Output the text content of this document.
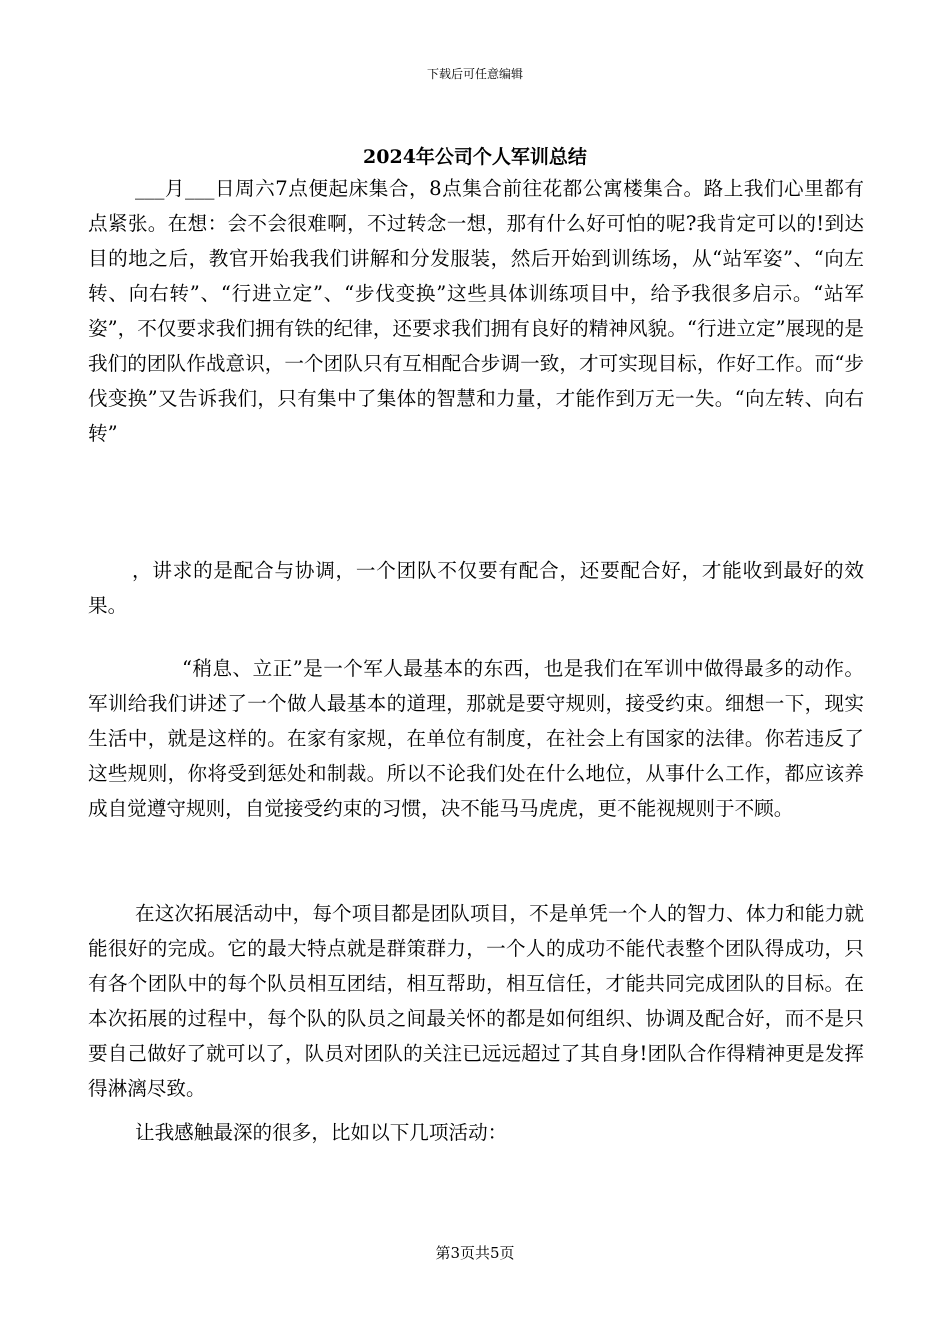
下载后可任意编辑
2024年公司个人军训总结

___月___日周六7点便起床集合，8点集合前往花都公寓楼集合。路上我们心里都有点紧张。在想：会不会很难啊，不过转念一想，那有什么好可怕的呢?我肯定可以的!到达目的地之后，教官开始我我们讲解和分发服装，然后开始到训练场，从“站军姿”、“向左转、向右转”、“行进立定”、“步伐变换”这些具体训练项目中，给予我很多启示。“站军姿”，不仅要求我们拥有铁的纪律，还要求我们拥有良好的精神风貌。“行进立定”展现的是我们的团队作战意识，一个团队只有互相配合步调一致，才可实现目标，作好工作。而“步伐变换”又告诉我们，只有集中了集体的智慧和力量，才能作到万无一失。“向左转、向右转”

，讲求的是配合与协调，一个团队不仅要有配合，还要配合好，才能收到最好的效果。

“稍息、立正”是一个军人最基本的东西，也是我们在军训中做得最多的动作。军训给我们讲述了一个做人最基本的道理，那就是要守规则，接受约束。细想一下，现实生活中，就是这样的。在家有家规，在单位有制度，在社会上有国家的法律。你若违反了这些规则，你将受到惩处和制裁。所以不论我们处在什么地位，从事什么工作，都应该养成自觉遵守规则，自觉接受约束的习惯，决不能马马虎虎，更不能视规则于不顾。

在这次拓展活动中，每个项目都是团队项目，不是单凭一个人的智力、体力和能力就能很好的完成。它的最大特点就是群策群力，一个人的成功不能代表整个团队得成功，只有各个团队中的每个队员相互团结，相互帮助，相互信任，才能共同完成团队的目标。在本次拓展的过程中，每个队的队员之间最关怀的都是如何组织、协调及配合好，而不是只要自己做好了就可以了，队员对团队的关注已远远超过了其自身!团队合作得精神更是发挥得淋漓尽致。

让我感触最深的很多，比如以下几项活动：

第3页共5页
